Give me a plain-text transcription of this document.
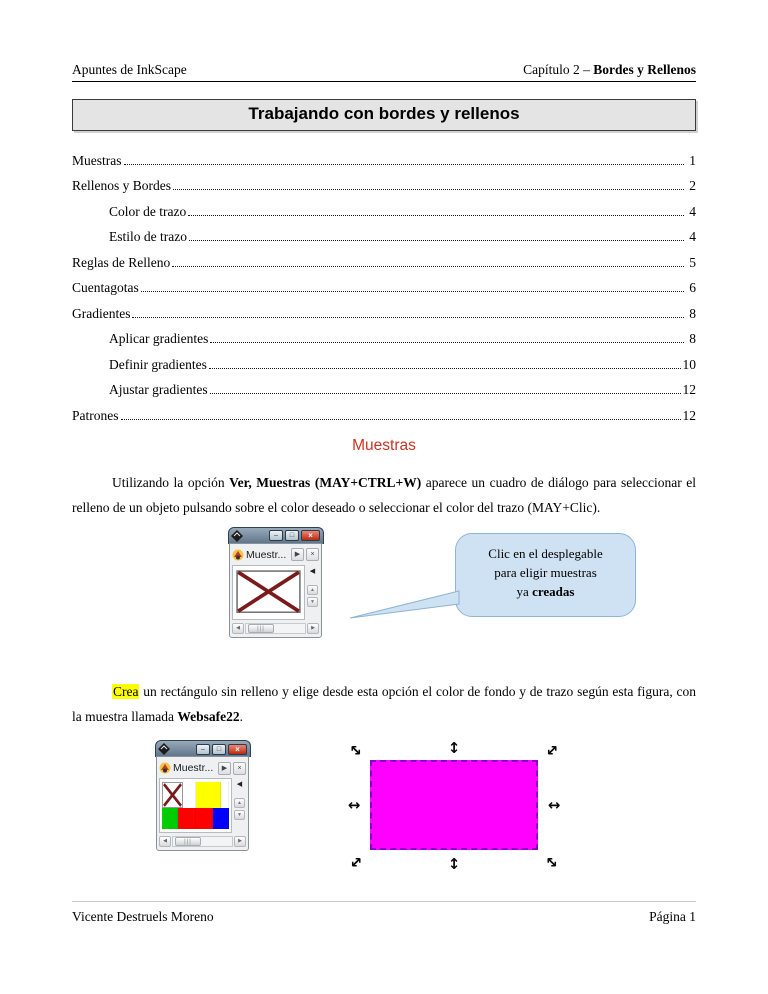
Apuntes de InkScape	Capítulo 2 – Bordes y Rellenos
Trabajando con bordes y rellenos
Muestras	1
Rellenos y Bordes	2
Color de trazo	4
Estilo de trazo	4
Reglas de Relleno	5
Cuentagotas	6
Gradientes	8
Aplicar gradientes	8
Definir gradientes	10
Ajustar gradientes	12
Patrones	12
Muestras

Utilizando la opción Ver, Muestras (MAY+CTRL+W) aparece un cuadro de diálogo para seleccionar el relleno de un objeto pulsando sobre el color deseado o seleccionar el color del trazo (MAY+Clic).

–	□	×
Muestr...	▶	×
◀
▲
▼
◀	|||	▶
Clic en el desplegable
para eligir muestras
ya creadas

Crea un rectángulo sin relleno y elige desde esta opción el color de fondo y de trazo según esta figura, con la muestra llamada Websafe22.

–	□	×
Muestr...	▶	×
◀
▲
▼
◀	|||	▶
↔	↕	↔
↔	↔
↔	↕	↔
Vicente Destruels Moreno	Página 1
